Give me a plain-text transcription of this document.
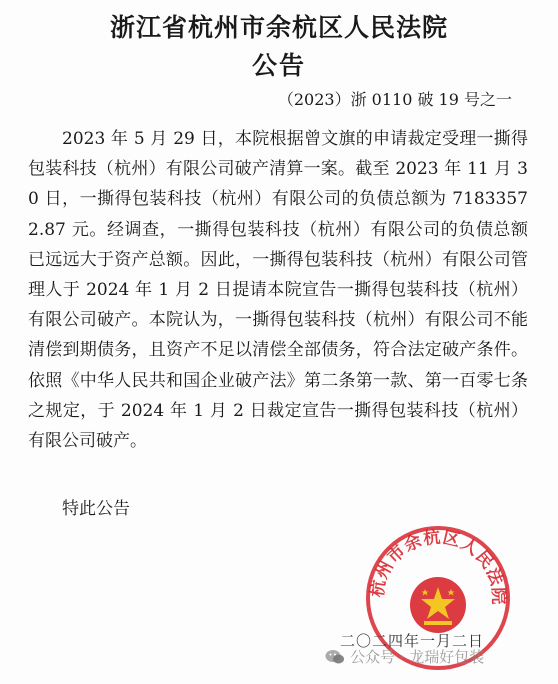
浙江省杭州市余杭区人民法院
公告
（2023）浙 0110 破 19 号之一

2023 年 5 月 29 日，本院根据曾文旗的申请裁定受理一撕得包装科技（杭州）有限公司破产清算一案。截至 2023 年 11 月 30 日，一撕得包装科技（杭州）有限公司的负债总额为 71833572.87 元。经调查，一撕得包装科技（杭州）有限公司的负债总额已远远大于资产总额。因此，一撕得包装科技（杭州）有限公司管理人于 2024 年 1 月 2 日提请本院宣告一撕得包装科技（杭州）有限公司破产。本院认为，一撕得包装科技（杭州）有限公司不能清偿到期债务，且资产不足以清偿全部债务，符合法定破产条件。依照《中华人民共和国企业破产法》第二条第一款、第一百零七条之规定，于 2024 年 1 月 2 日裁定宣告一撕得包装科技（杭州）有限公司破产。

特此公告

杭州市余杭区人民法院
二〇二四年一月二日
公众号 · 龙瑞好包装
